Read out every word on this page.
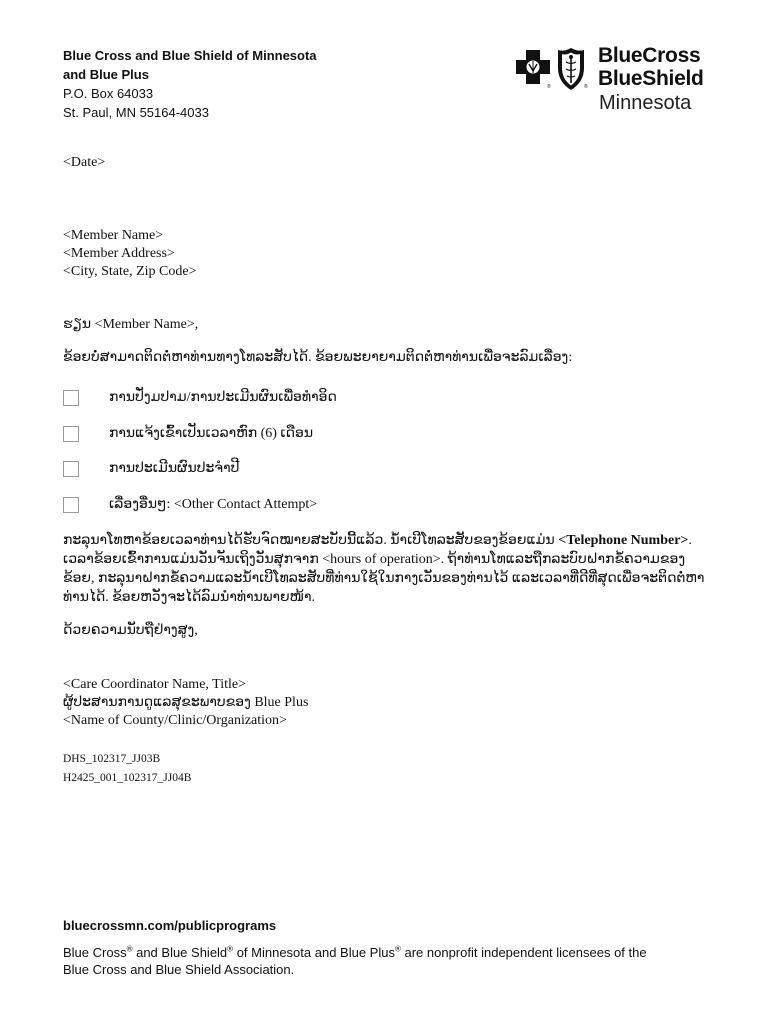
Blue Cross and Blue Shield of Minnesota
and Blue Plus
P.O. Box 64033
St. Paul, MN 55164-4033
®	®
BlueCross
BlueShield
Minnesota
<Date>
<Member Name>
<Member Address>
<City, State, Zip Code>
ຮຽນ <Member Name>,
ຂ້ອຍບໍ່ສາມາດຕິດຕໍ່ຫາທ່ານທາງໂທລະສັບໄດ້. ຂ້ອຍພະຍາຍາມຕິດຕໍ່ຫາທ່ານເພື່ອຈະລົມເລື່ອງ:
ການປັ່ງມປາມ/ການປະເມີນຜົນເພື່ອທຳອິດ
ການແຈ້ງເຂົ້າເປັນເວລາຫົກ (6) ເດືອນ
ການປະເມີນຜົນປະຈຳປີ
ເລື່ອງອື່ນໆ: <Other Contact Attempt>
ກະລຸນາໂທຫາຂ້ອຍເວລາທ່ານໄດ້ຮັບຈົດໝາຍສະບັບນີ້ແລ້ວ. ນ້ຳເບີໂທລະສັບຂອງຂ້ອຍແມ່ນ <Telephone Number>. ເວລາຂ້ອຍເຂົ້າການແມ່ນວັນຈັນເຖິງວັນສຸກຈາກ <hours of operation>. ຖ້າທ່ານໂທແລະຖືກລະບົບຝາກຂໍ້ຄວາມຂອງຂ້ອຍ, ກະລຸນາຝາກຂໍ້ຄວາມແລະນ້ຳເບີໂທລະສັບທີ່ທ່ານໃຊ້ໃນກາງເວັນຂອງທ່ານໄວ້ ແລະເວລາທີ່ດີທີ່ສຸດເພື່ອຈະຕິດຕໍ່ຫາທ່ານໄດ້. ຂ້ອຍຫວັງຈະໄດ້ລົມນຳທ່ານພາຍໜ້າ.
ດ້ວຍຄວາມນັບຖືຢ່າງສູງ,
<Care Coordinator Name, Title>
ຜູ້ປະສານການດູແລສຸຂະພາບຂອງ Blue Plus
<Name of County/Clinic/Organization>
DHS_102317_JJ03B
H2425_001_102317_JJ04B
bluecrossmn.com/publicprograms
Blue Cross® and Blue Shield® of Minnesota and Blue Plus® are nonprofit independent licensees of the
Blue Cross and Blue Shield Association.
